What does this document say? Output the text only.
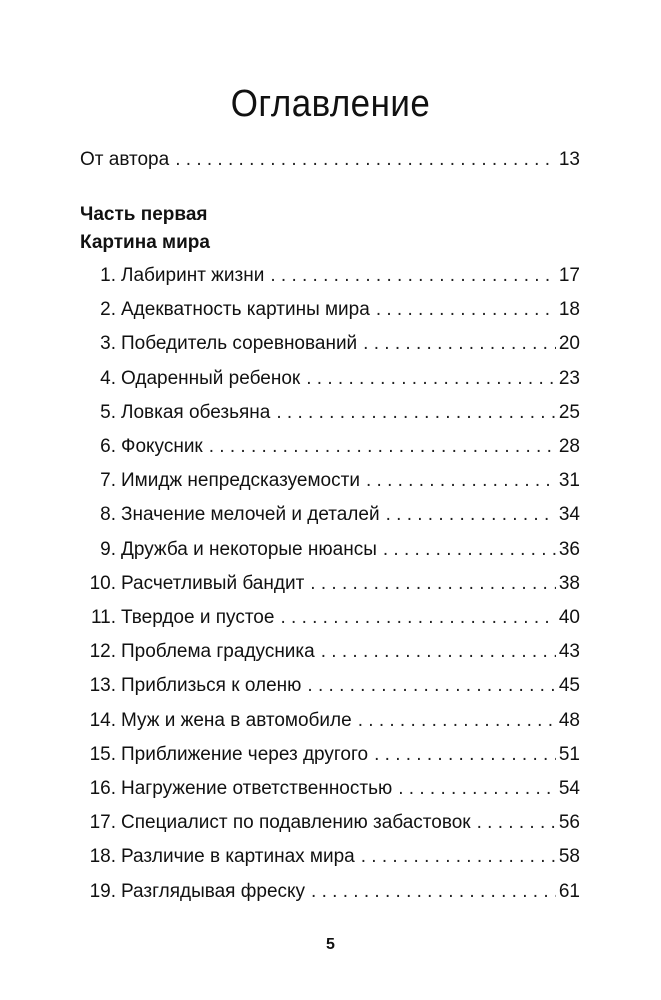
Оглавление
От автора . . .	13
Часть первая
Картина мира
1. Лабиринт жизни . . .	17
2. Адекватность картины мира . . .	18
3. Победитель соревнований . . .	20
4. Одаренный ребенок . . .	23
5. Ловкая обезьяна . . .	25
6. Фокусник . . .	28
7. Имидж непредсказуемости . . .	31
8. Значение мелочей и деталей . . .	34
9. Дружба и некоторые нюансы . . .	36
10. Расчетливый бандит . . .	38
11. Твердое и пустое . . .	40
12. Проблема градусника . . .	43
13. Приблизься к оленю . . .	45
14. Муж и жена в автомобиле . . .	48
15. Приближение через другого . . .	51
16. Нагружение ответственностью . . .	54
17. Специалист по подавлению забастовок . . .	56
18. Различие в картинах мира . . .	58
19. Разглядывая фреску . . .	61
5
